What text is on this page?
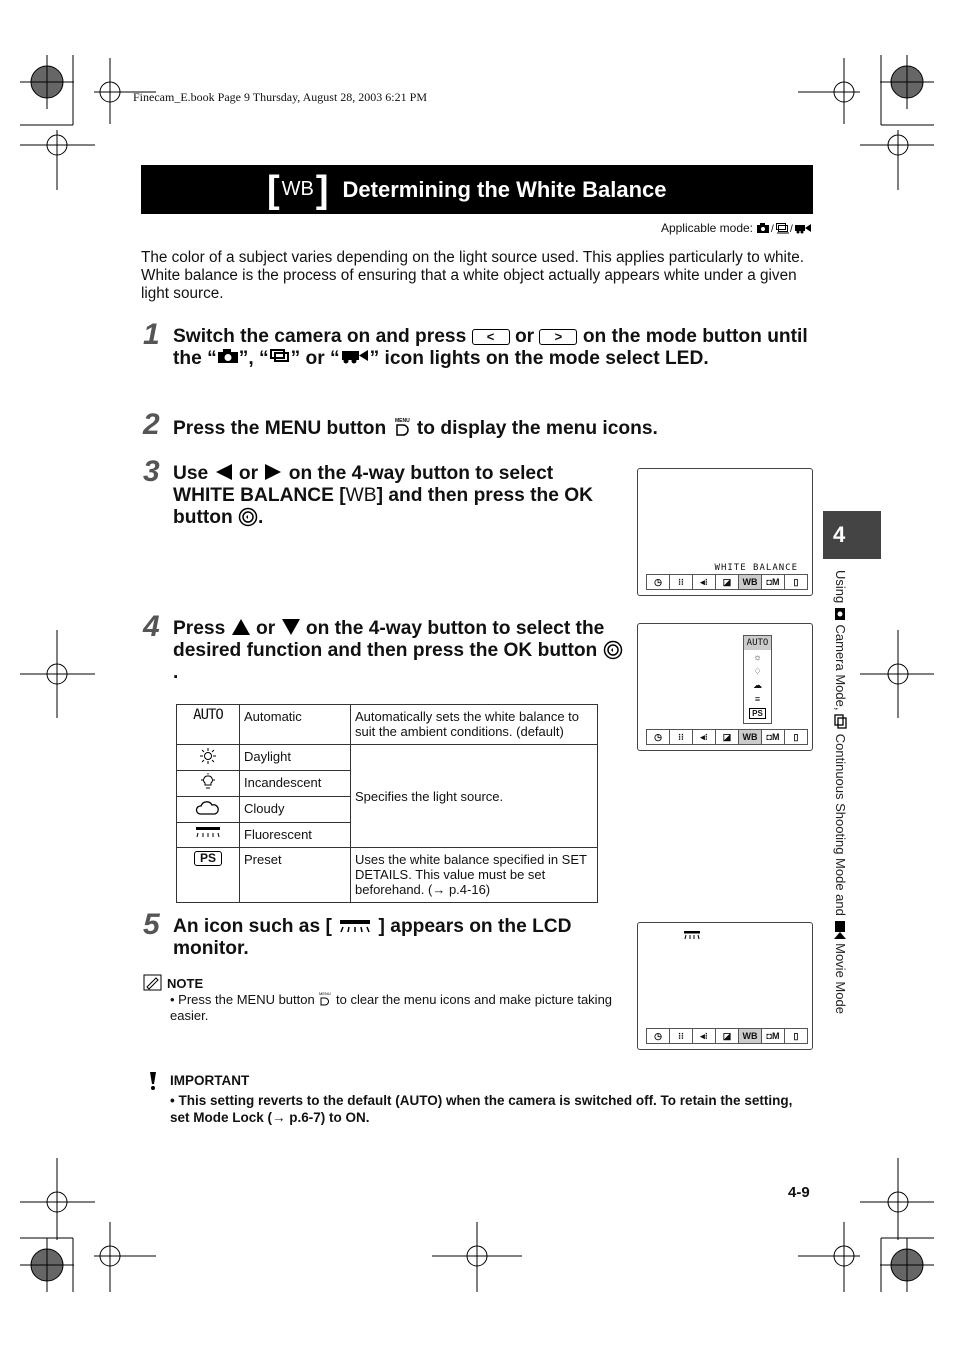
Finecam_E.book Page 9 Thursday, August 28, 2003 6:21 PM
[ WB ] Determining the White Balance
Applicable mode: / /
The color of a subject varies depending on the light source used. This applies particularly to white. White balance is the process of ensuring that a white object actually appears white under a given light source.
1 Switch the camera on and press < or > on the mode button until the “ ”, “ ” or “ ” icon lights on the mode select LED.
2 Press the MENU button MENU to display the menu icons.
3 Use or on the 4-way button to select WHITE BALANCE [WB] and then press the OK button .
WHITE BALANCE
◷	⁝⁝	◂⁝	◪	WB	◘M	▯
4 Press or on the 4-way button to select the desired function and then press the OK button .
AUTO
☼
♢
☁
≡
PS
◷	⁝⁝	◂⁝	◪	WB	◘M	▯
AUTO	Automatic	Automatically sets the white balance to suit the ambient conditions. (default)
	Daylight	Specifies the light source.
	Incandescent	
	Cloudy	
	Fluorescent	
PS	Preset	Uses the white balance specified in SET DETAILS. This value must be set beforehand. (→ p.4-16)
5 An icon such as [ ] appears on the LCD monitor.
◷	⁝⁝	◂⁝	◪	WB	◘M	▯
NOTE
• Press the MENU button MENU to clear the menu icons and make picture taking easier.
IMPORTANT
• This setting reverts to the default (AUTO) when the camera is switched off. To retain the setting, set Mode Lock (→ p.6-7) to ON.
4
Using  Camera Mode,  Continuous Shooting Mode and  Movie Mode
4-9
